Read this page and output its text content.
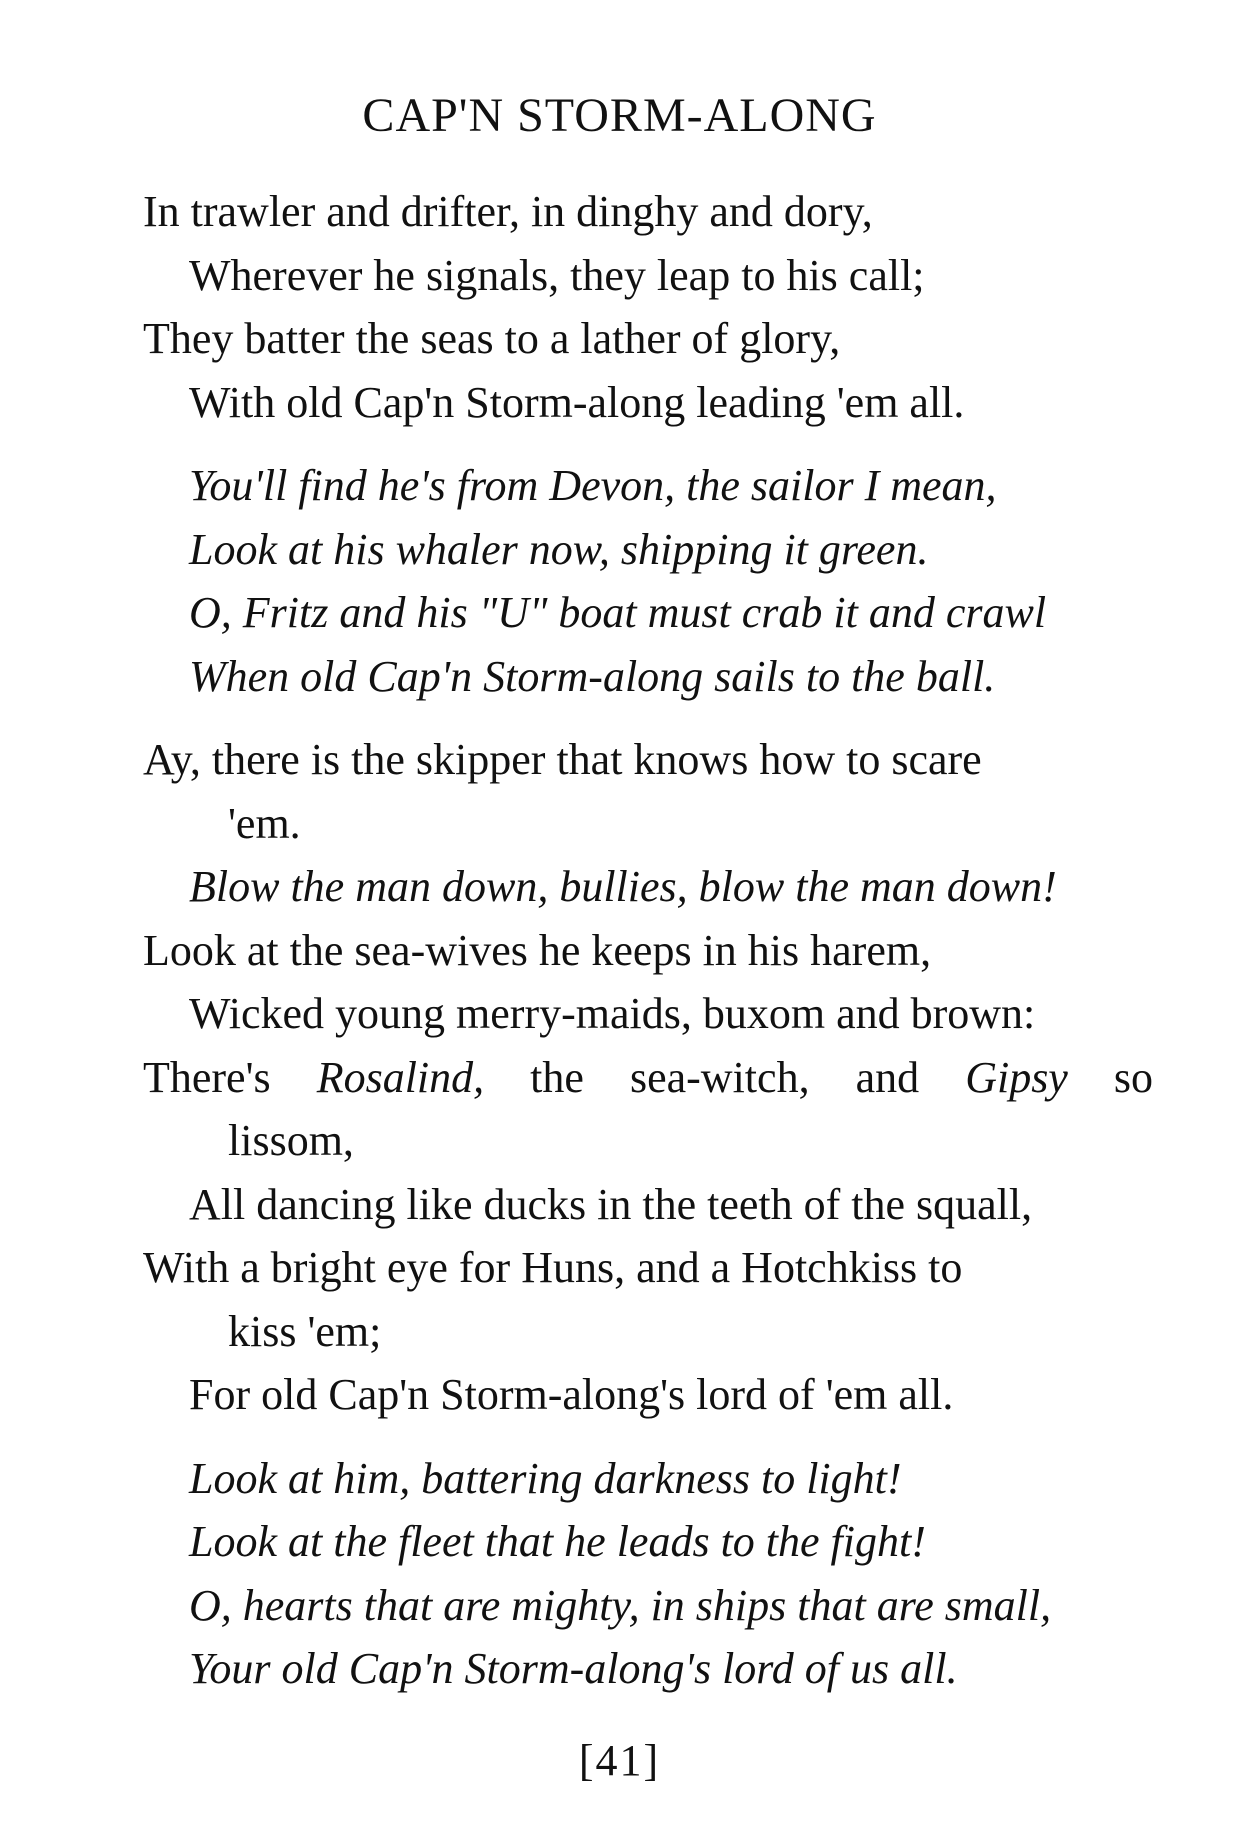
CAP'N STORM-ALONG
In trawler and drifter, in dinghy and dory,
Wherever he signals, they leap to his call;
They batter the seas to a lather of glory,
With old Cap'n Storm-along leading 'em all.
You'll find he's from Devon, the sailor I mean,
Look at his whaler now, shipping it green.
O, Fritz and his "U" boat must crab it and crawl
When old Cap'n Storm-along sails to the ball.
Ay, there is the skipper that knows how to scare
'em.
Blow the man down, bullies, blow the man down!
Look at the sea-wives he keeps in his harem,
Wicked young merry-maids, buxom and brown:
There's Rosalind, the sea-witch, and Gipsy so
lissom,
All dancing like ducks in the teeth of the squall,
With a bright eye for Huns, and a Hotchkiss to
kiss 'em;
For old Cap'n Storm-along's lord of 'em all.
Look at him, battering darkness to light!
Look at the fleet that he leads to the fight!
O, hearts that are mighty, in ships that are small,
Your old Cap'n Storm-along's lord of us all.
[41]
